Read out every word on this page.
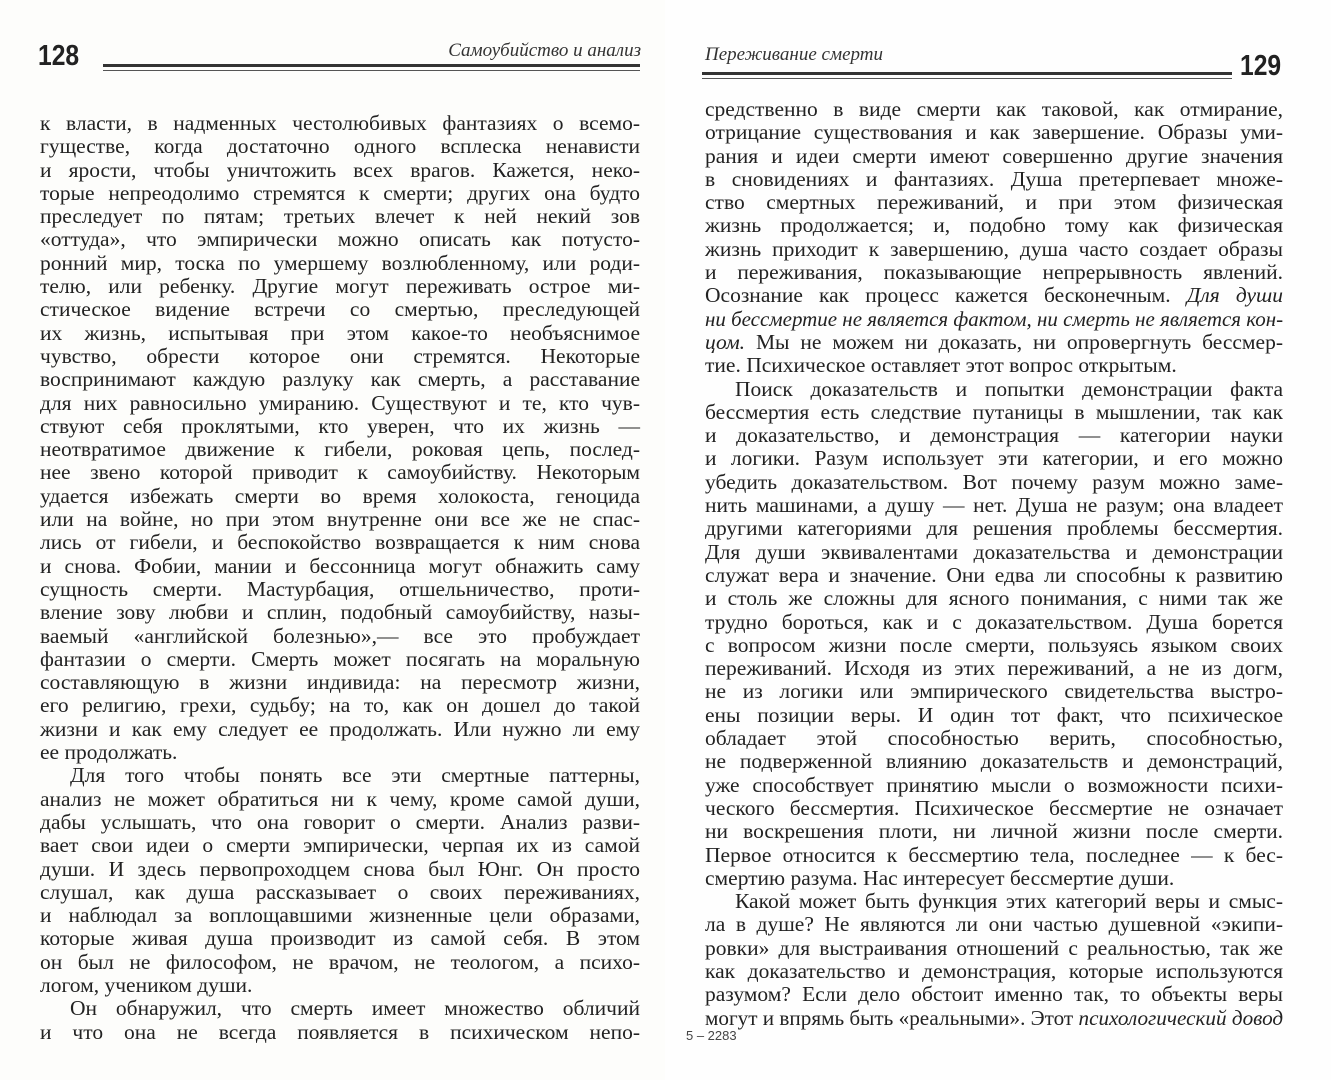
128	Самоубийство и анализ
к власти, в надменных честолюбивых фантазиях о всемо-
гуществе, когда достаточно одного всплеска ненависти
и ярости, чтобы уничтожить всех врагов. Кажется, неко-
торые непреодолимо стремятся к смерти; других она будто
преследует по пятам; третьих влечет к ней некий зов
«оттуда», что эмпирически можно описать как потусто-
ронний мир, тоска по умершему возлюбленному, или роди-
телю, или ребенку. Другие могут переживать острое ми-
стическое видение встречи со смертью, преследующей
их жизнь, испытывая при этом какое-то необъяснимое
чувство, обрести которое они стремятся. Некоторые
воспринимают каждую разлуку как смерть, а расставание
для них равносильно умиранию. Существуют и те, кто чув-
ствуют себя проклятыми, кто уверен, что их жизнь —
неотвратимое движение к гибели, роковая цепь, послед-
нее звено которой приводит к самоубийству. Некоторым
удается избежать смерти во время холокоста, геноцида
или на войне, но при этом внутренне они все же не спас-
лись от гибели, и беспокойство возвращается к ним снова
и снова. Фобии, мании и бессонница могут обнажить саму
сущность смерти. Мастурбация, отшельничество, проти-
вление зову любви и сплин, подобный самоубийству, назы-
ваемый «английской болезнью»,— все это пробуждает
фантазии о смерти. Смерть может посягать на моральную
составляющую в жизни индивида: на пересмотр жизни,
его религию, грехи, судьбу; на то, как он дошел до такой
жизни и как ему следует ее продолжать. Или нужно ли ему
ее продолжать.
Для того чтобы понять все эти смертные паттерны,
анализ не может обратиться ни к чему, кроме самой души,
дабы услышать, что она говорит о смерти. Анализ разви-
вает свои идеи о смерти эмпирически, черпая их из самой
души. И здесь первопроходцем снова был Юнг. Он просто
слушал, как душа рассказывает о своих переживаниях,
и наблюдал за воплощавшими жизненные цели образами,
которые живая душа производит из самой себя. В этом
он был не философом, не врачом, не теологом, а психо-
логом, учеником души.
Он обнаружил, что смерть имеет множество обличий
и что она не всегда появляется в психическом непо-
Переживание смерти	129
средственно в виде смерти как таковой, как отмирание,
отрицание существования и как завершение. Образы уми-
рания и идеи смерти имеют совершенно другие значения
в сновидениях и фантазиях. Душа претерпевает множе-
ство смертных переживаний, и при этом физическая
жизнь продолжается; и, подобно тому как физическая
жизнь приходит к завершению, душа часто создает образы
и переживания, показывающие непрерывность явлений.
Осознание как процесс кажется бесконечным. Для души
ни бессмертие не является фактом, ни смерть не является кон-
цом. Мы не можем ни доказать, ни опровергнуть бессмер-
тие. Психическое оставляет этот вопрос открытым.
Поиск доказательств и попытки демонстрации факта
бессмертия есть следствие путаницы в мышлении, так как
и доказательство, и демонстрация — категории науки
и логики. Разум использует эти категории, и его можно
убедить доказательством. Вот почему разум можно заме-
нить машинами, а душу — нет. Душа не разум; она владеет
другими категориями для решения проблемы бессмертия.
Для души эквивалентами доказательства и демонстрации
служат вера и значение. Они едва ли способны к развитию
и столь же сложны для ясного понимания, с ними так же
трудно бороться, как и с доказательством. Душа борется
с вопросом жизни после смерти, пользуясь языком своих
переживаний. Исходя из этих переживаний, а не из догм,
не из логики или эмпирического свидетельства выстро-
ены позиции веры. И один тот факт, что психическое
обладает этой способностью верить, способностью,
не подверженной влиянию доказательств и демонстраций,
уже способствует принятию мысли о возможности психи-
ческого бессмертия. Психическое бессмертие не означает
ни воскрешения плоти, ни личной жизни после смерти.
Первое относится к бессмертию тела, последнее — к бес-
смертию разума. Нас интересует бессмертие души.
Какой может быть функция этих категорий веры и смыс-
ла в душе? Не являются ли они частью душевной «экипи-
ровки» для выстраивания отношений с реальностью, так же
как доказательство и демонстрация, которые используются
разумом? Если дело обстоит именно так, то объекты веры
могут и впрямь быть «реальными». Этот психологический довод
5 – 2283
